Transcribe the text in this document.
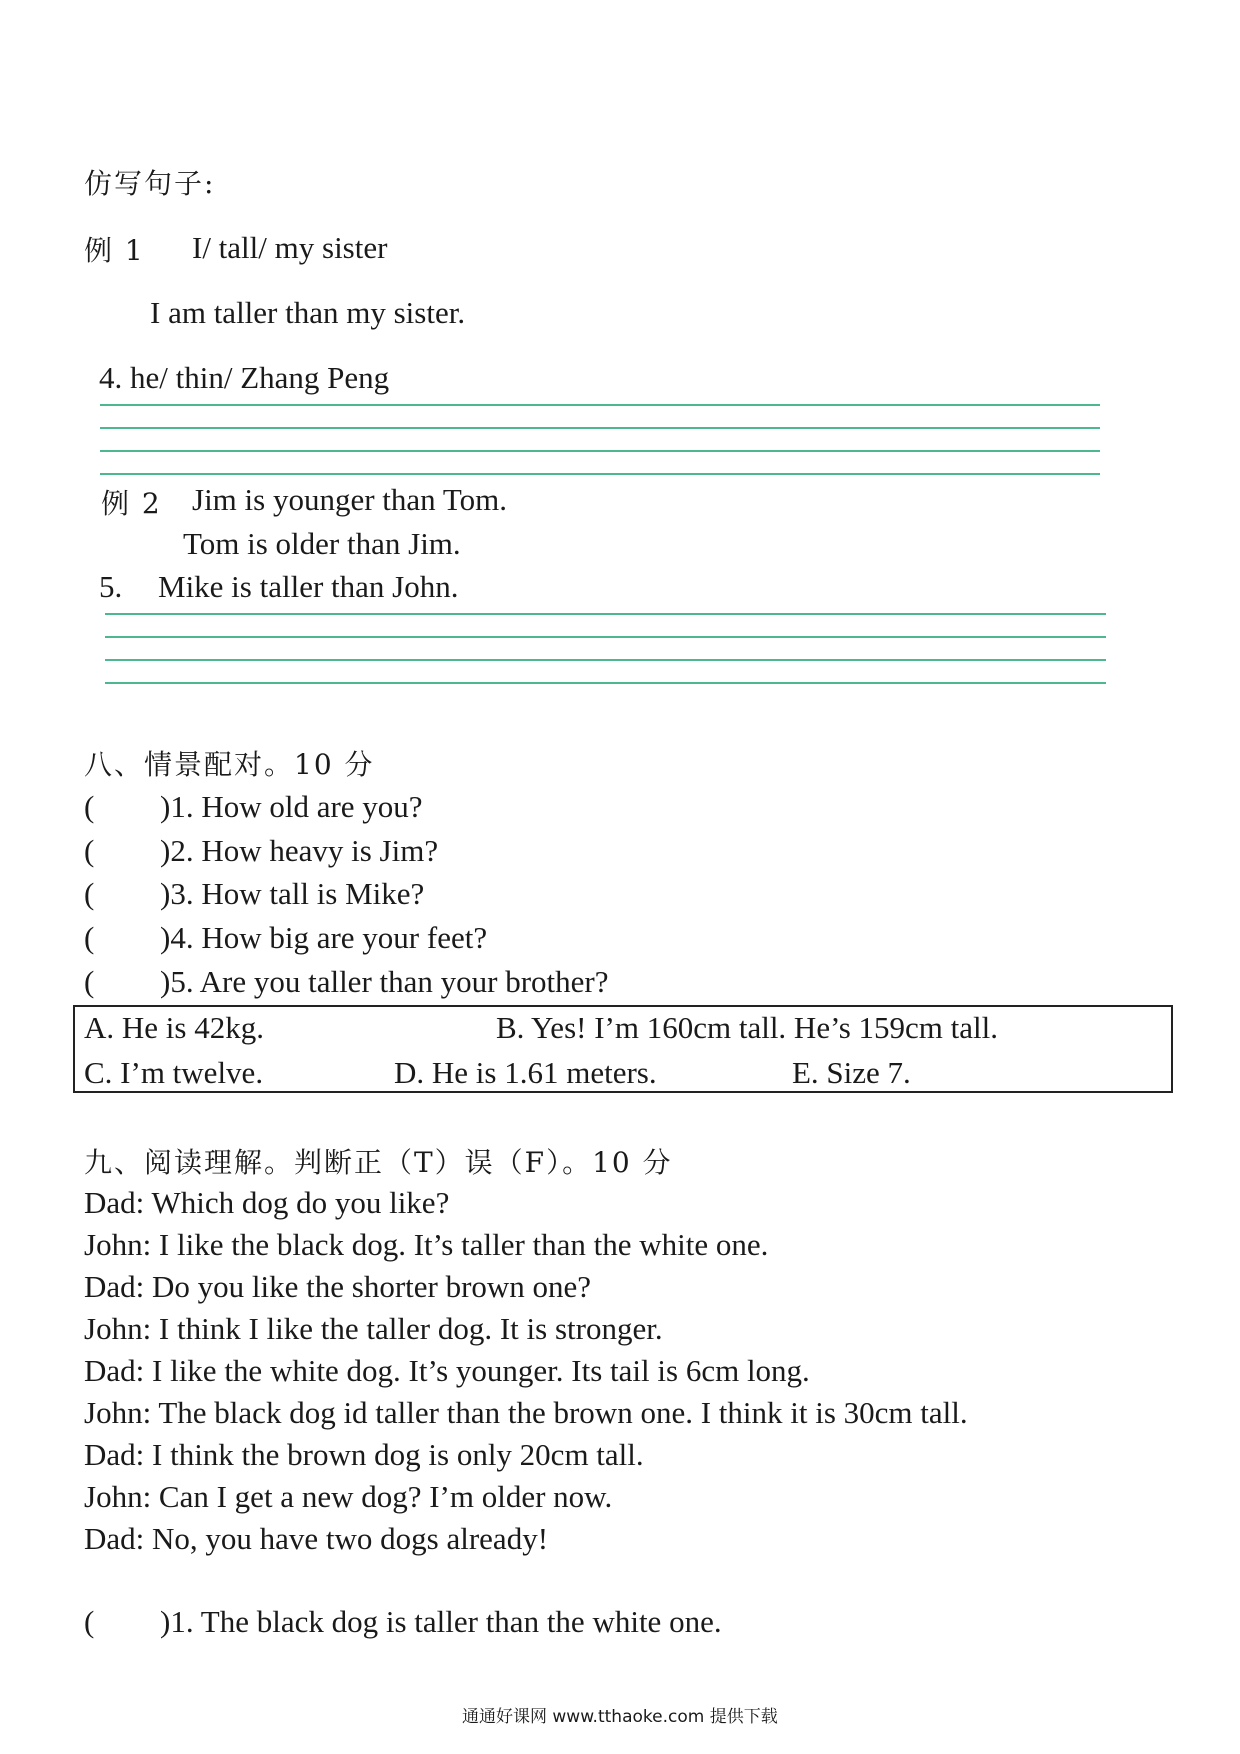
仿写句子:
例 1 I/ tall/ my sister
I am taller than my sister.
4. he/ thin/ Zhang Peng
例 2 Jim is younger than Tom.
Tom is older than Jim.
5. Mike is taller than John.
八、情景配对。10 分
( )1. How old are you?
( )2. How heavy is Jim?
( )3. How tall is Mike?
( )4. How big are your feet?
( )5. Are you taller than your brother?
A. He is 42kg.	B. Yes! I’m 160cm tall. He’s 159cm tall.
C. I’m twelve.	D. He is 1.61 meters.	E. Size 7.
九、阅读理解。判断正（T）误（F）。10 分
Dad: Which dog do you like?
John: I like the black dog. It’s taller than the white one.
Dad: Do you like the shorter brown one?
John: I think I like the taller dog. It is stronger.
Dad: I like the white dog. It’s younger. Its tail is 6cm long.
John: The black dog id taller than the brown one. I think it is 30cm tall.
Dad: I think the brown dog is only 20cm tall.
John: Can I get a new dog? I’m older now.
Dad: No, you have two dogs already!
( )1. The black dog is taller than the white one.
通通好课网 www.tthaoke.com 提供下载
